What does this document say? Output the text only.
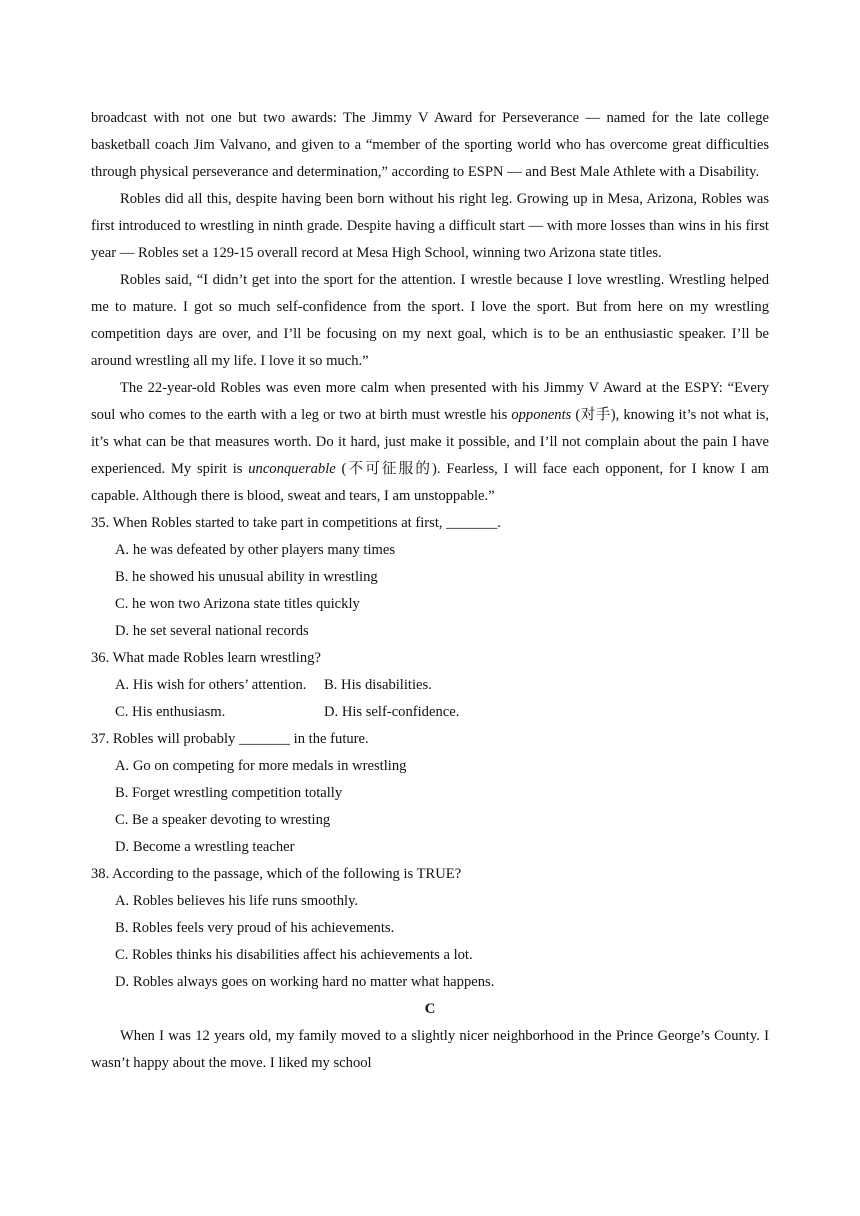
broadcast with not one but two awards: The Jimmy V Award for Perseverance — named for the late college basketball coach Jim Valvano, and given to a “member of the sporting world who has overcome great difficulties through physical perseverance and determination,” according to ESPN — and Best Male Athlete with a Disability.

Robles did all this, despite having been born without his right leg. Growing up in Mesa, Arizona, Robles was first introduced to wrestling in ninth grade. Despite having a difficult start — with more losses than wins in his first year — Robles set a 129-15 overall record at Mesa High School, winning two Arizona state titles.

Robles said, “I didn’t get into the sport for the attention. I wrestle because I love wrestling. Wrestling helped me to mature. I got so much self-confidence from the sport. I love the sport. But from here on my wrestling competition days are over, and I’ll be focusing on my next goal, which is to be an enthusiastic speaker. I’ll be around wrestling all my life. I love it so much.”

The 22-year-old Robles was even more calm when presented with his Jimmy V Award at the ESPY: “Every soul who comes to the earth with a leg or two at birth must wrestle his opponents (对手), knowing it’s not what is, it’s what can be that measures worth. Do it hard, just make it possible, and I’ll not complain about the pain I have experienced. My spirit is unconquerable (不可征服的). Fearless, I will face each opponent, for I know I am capable. Although there is blood, sweat and tears, I am unstoppable.”

35. When Robles started to take part in competitions at first, _______.

A. he was defeated by other players many times

B. he showed his unusual ability in wrestling

C. he won two Arizona state titles quickly

D. he set several national records

36. What made Robles learn wrestling?

A. His wish for others’ attention.	B. His disabilities.
C. His enthusiasm.	D. His self-confidence.

37. Robles will probably _______ in the future.

A. Go on competing for more medals in wrestling

B. Forget wrestling competition totally

C. Be a speaker devoting to wresting

D. Become a wrestling teacher

38. According to the passage, which of the following is TRUE?

A. Robles believes his life runs smoothly.

B. Robles feels very proud of his achievements.

C. Robles thinks his disabilities affect his achievements a lot.

D. Robles always goes on working hard no matter what happens.

C

When I was 12 years old, my family moved to a slightly nicer neighborhood in the Prince George’s County. I wasn’t happy about the move. I liked my school
